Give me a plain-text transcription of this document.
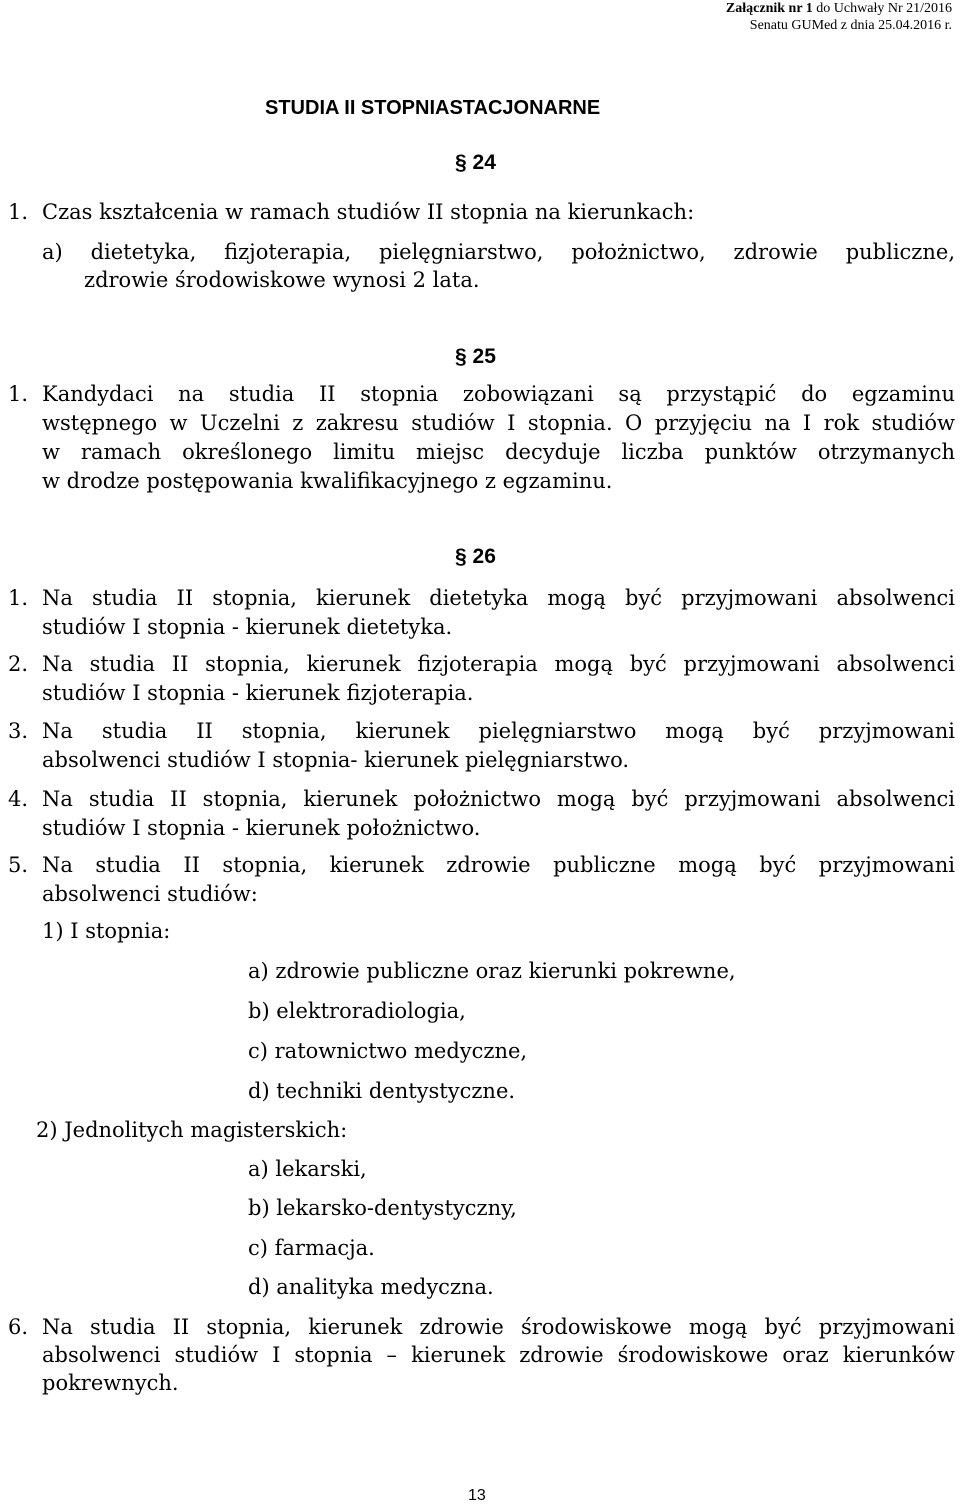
Załącznik nr 1 do Uchwały Nr 21/2016
Senatu GUMed z dnia 25.04.2016 r.
STUDIA II STOPNIASTACJONARNE
§ 24
1. Czas kształcenia w ramach studiów II stopnia na kierunkach:
a) dietetyka, fizjoterapia, pielęgniarstwo, położnictwo, zdrowie publiczne,
zdrowie środowiskowe wynosi 2 lata.
§ 25
1. Kandydaci na studia II stopnia zobowiązani są przystąpić do egzaminu
wstępnego w Uczelni z zakresu studiów I stopnia. O przyjęciu na I rok studiów
w ramach określonego limitu miejsc decyduje liczba punktów otrzymanych
w drodze postępowania kwalifikacyjnego z egzaminu.
§ 26
1. Na studia II stopnia, kierunek dietetyka mogą być przyjmowani absolwenci
studiów I stopnia - kierunek dietetyka.
2. Na studia II stopnia, kierunek fizjoterapia mogą być przyjmowani absolwenci
studiów I stopnia - kierunek fizjoterapia.
3. Na studia II stopnia, kierunek pielęgniarstwo mogą być przyjmowani
absolwenci studiów I stopnia- kierunek pielęgniarstwo.
4. Na studia II stopnia, kierunek położnictwo mogą być przyjmowani absolwenci
studiów I stopnia - kierunek położnictwo.
5. Na studia II stopnia, kierunek zdrowie publiczne mogą być przyjmowani
absolwenci studiów:
1) I stopnia:
a) zdrowie publiczne oraz kierunki pokrewne,
b) elektroradiologia,
c) ratownictwo medyczne,
d) techniki dentystyczne.
2) Jednolitych magisterskich:
a) lekarski,
b) lekarsko-dentystyczny,
c) farmacja.
d) analityka medyczna.
6. Na studia II stopnia, kierunek zdrowie środowiskowe mogą być przyjmowani
absolwenci studiów I stopnia – kierunek zdrowie środowiskowe oraz kierunków
pokrewnych.
13
